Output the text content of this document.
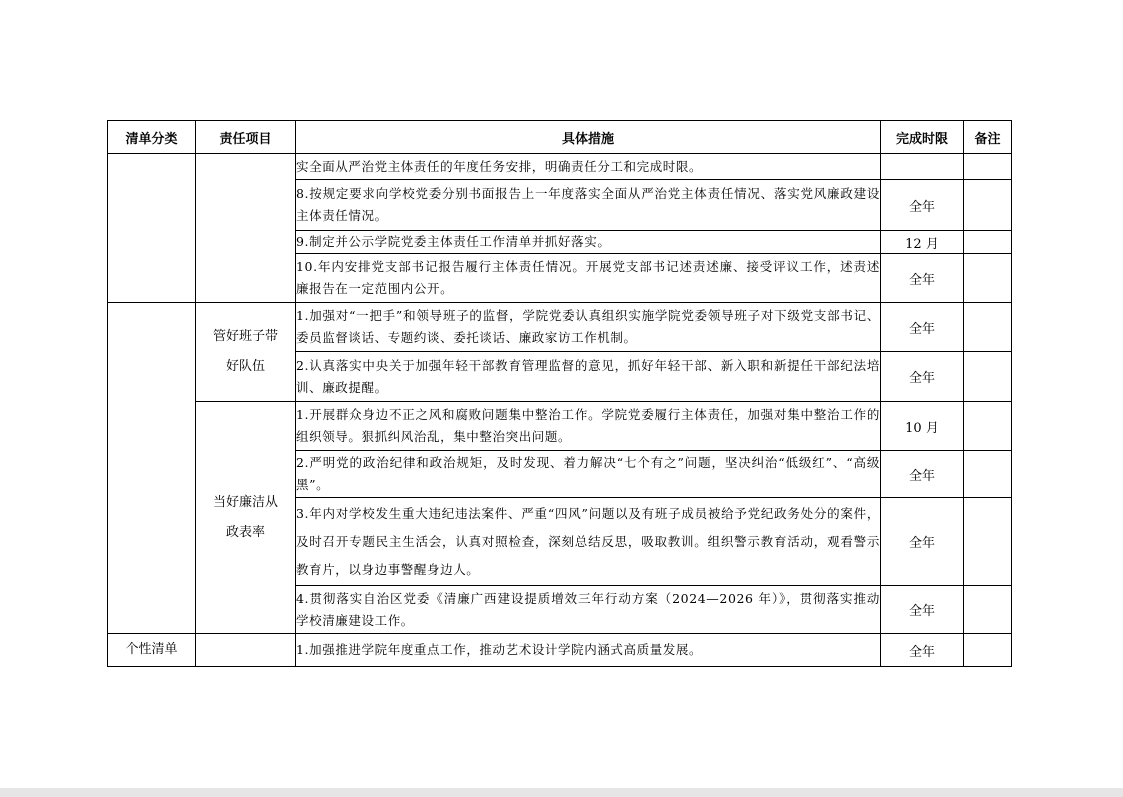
清单分类	责任项目	具体措施	完成时限	备注
		实全面从严治党主体责任的年度任务安排，明确责任分工和完成时限。		
		8.按规定要求向学校党委分别书面报告上一年度落实全面从严治党主体责任情况、落实党风廉政建设主体责任情况。	全年	
		9.制定并公示学院党委主体责任工作清单并抓好落实。	12 月	
		10.年内安排党支部书记报告履行主体责任情况。开展党支部书记述责述廉、接受评议工作，述责述廉报告在一定范围内公开。	全年	
	管好班子带好队伍	1.加强对“一把手”和领导班子的监督，学院党委认真组织实施学院党委领导班子对下级党支部书记、委员监督谈话、专题约谈、委托谈话、廉政家访工作机制。	全年	
		2.认真落实中央关于加强年轻干部教育管理监督的意见，抓好年轻干部、新入职和新提任干部纪法培训、廉政提醒。	全年	
	当好廉洁从政表率	1.开展群众身边不正之风和腐败问题集中整治工作。学院党委履行主体责任，加强对集中整治工作的组织领导。狠抓纠风治乱，集中整治突出问题。	10 月	
		2.严明党的政治纪律和政治规矩，及时发现、着力解决“七个有之”问题，坚决纠治“低级红”、“高级黑”。	全年	
		3.年内对学校发生重大违纪违法案件、严重“四风”问题以及有班子成员被给予党纪政务处分的案件，及时召开专题民主生活会，认真对照检查，深刻总结反思，吸取教训。组织警示教育活动，观看警示教育片，以身边事警醒身边人。	全年	
		4.贯彻落实自治区党委《清廉广西建设提质增效三年行动方案（2024—2026 年）》，贯彻落实推动学校清廉建设工作。	全年	
个性清单		1.加强推进学院年度重点工作，推动艺术设计学院内涵式高质量发展。	全年	
